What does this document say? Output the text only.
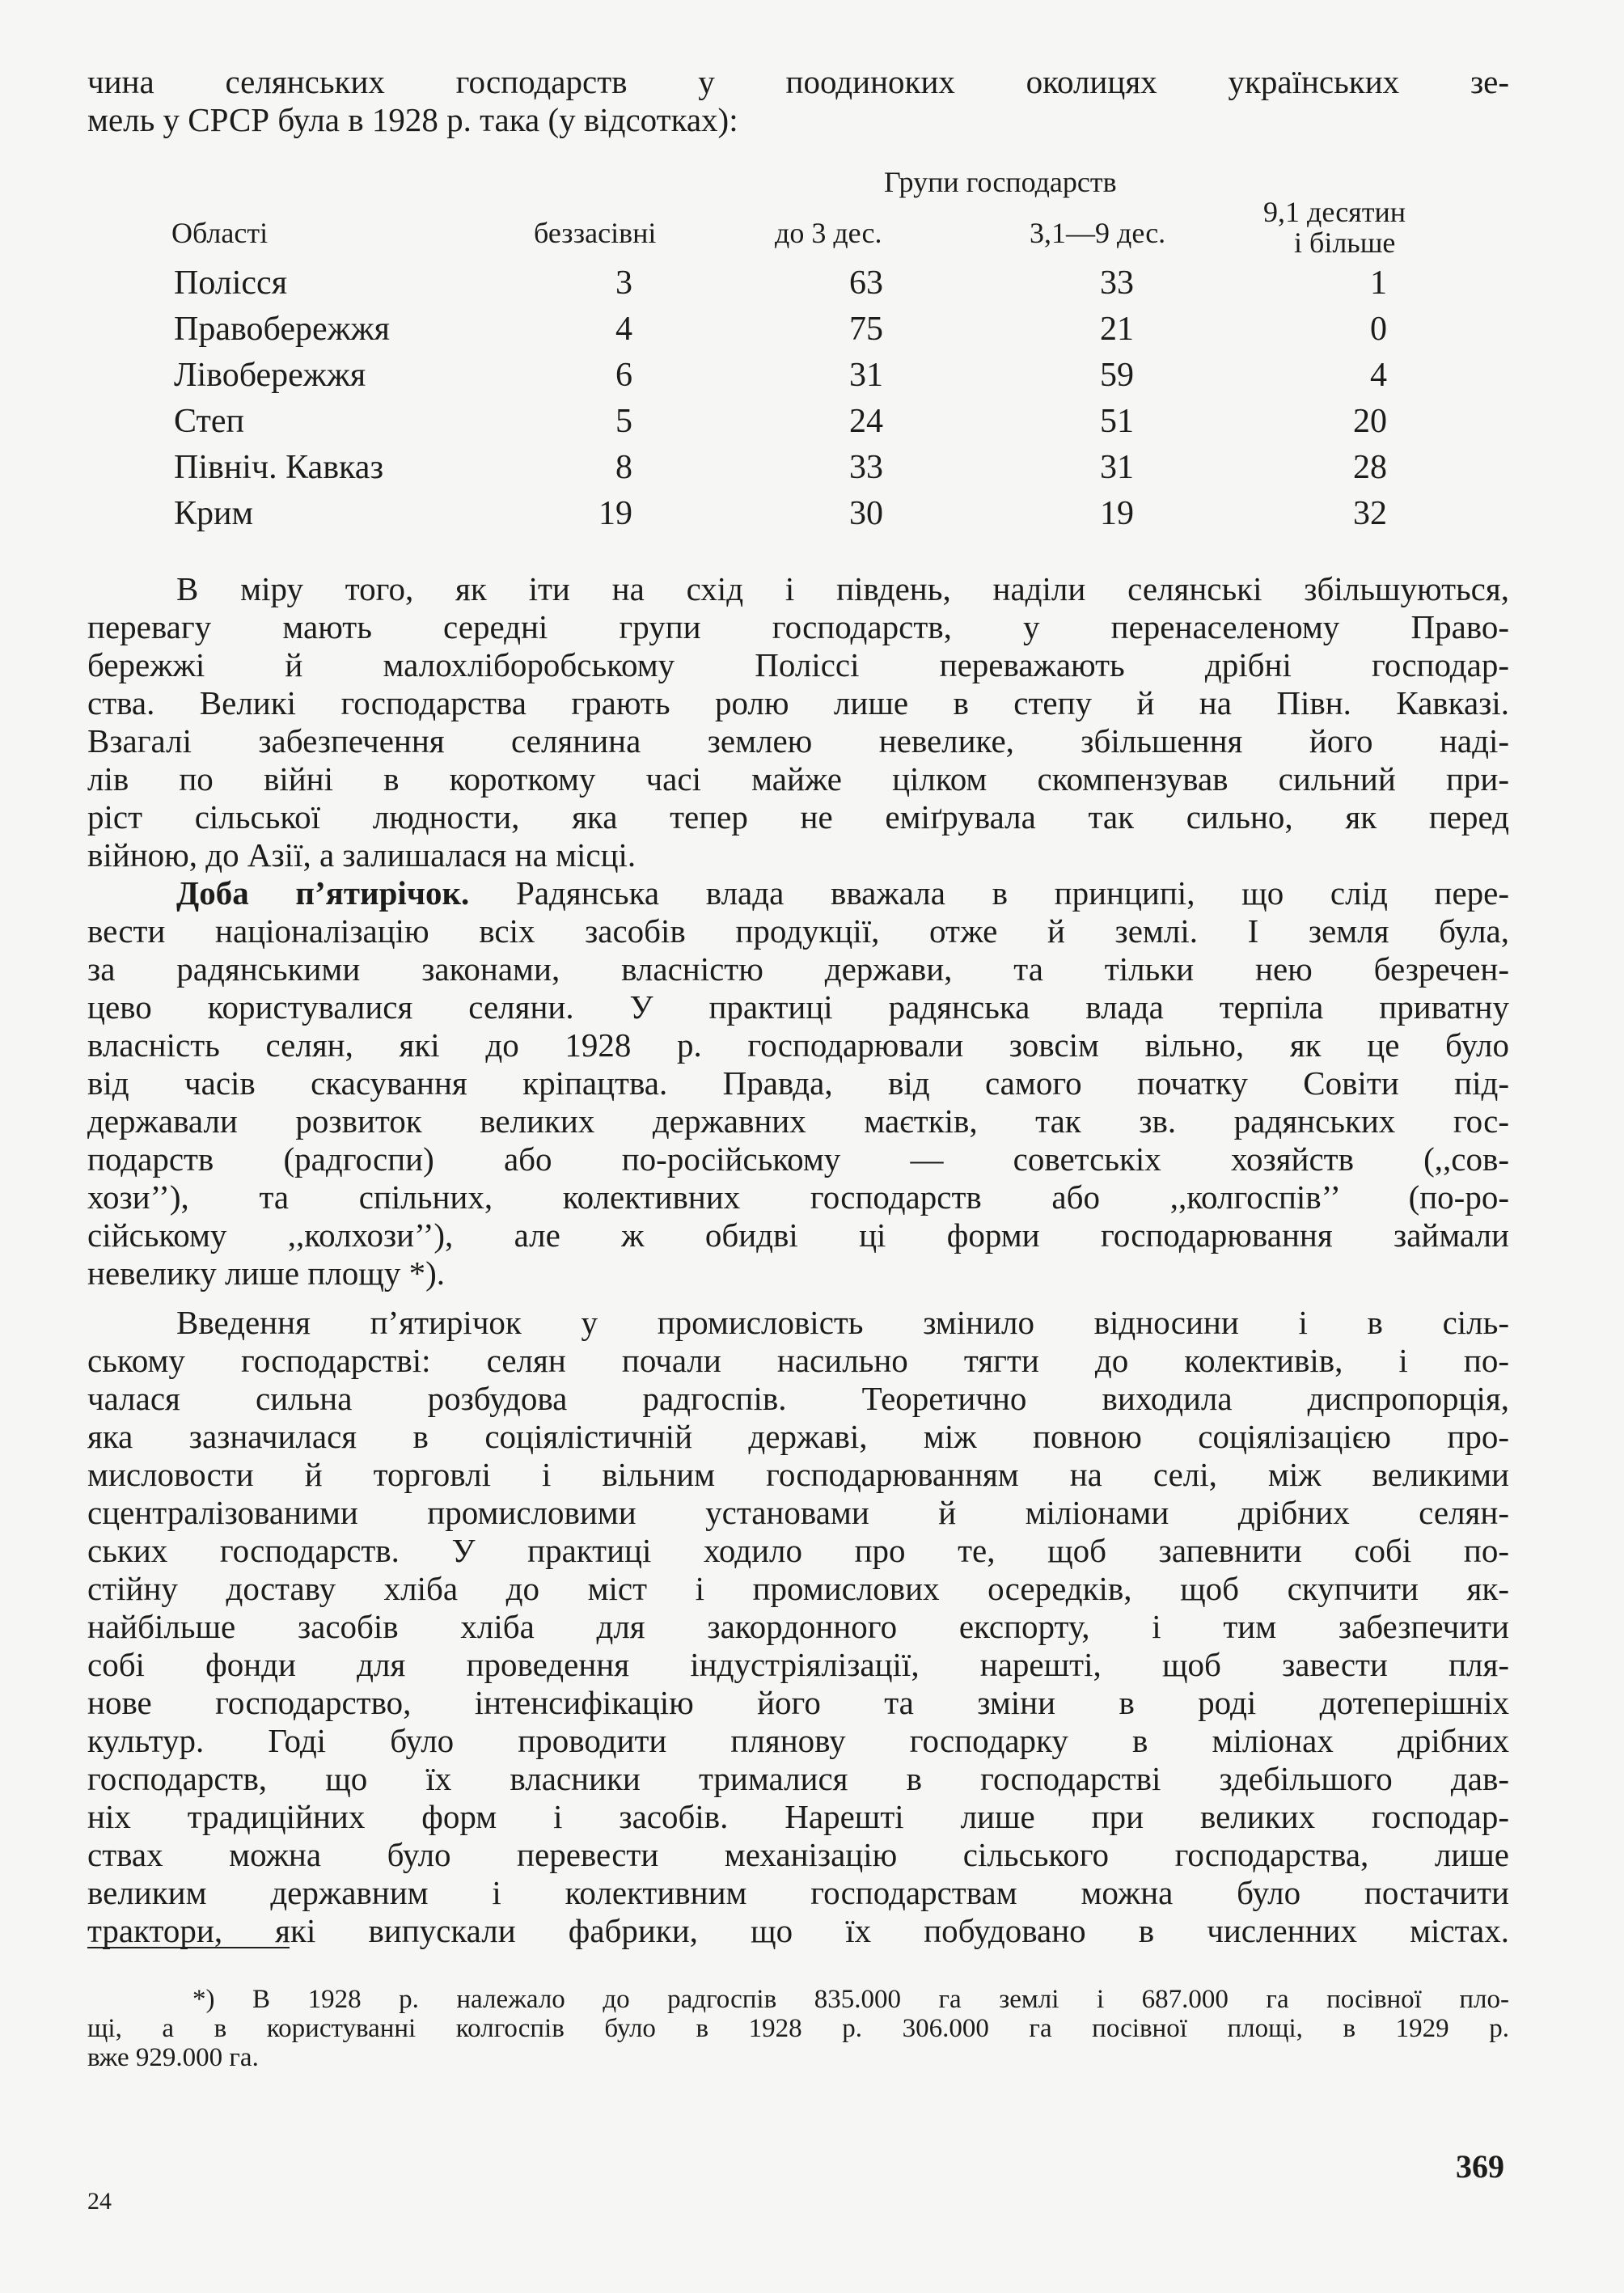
чина селянських господарств у поодиноких околицях українських зе-
мель у СРСР була в 1928 р. така (у відсотках):
Групи господарств
Області	беззасівні	до 3 дес.	3,1—9 дес.
9,1 десятин
і більше
Полісся	3	63	33	1
Правобережжя	4	75	21	0
Лівобережжя	6	31	59	4
Степ	5	24	51	20
Північ. Кавказ	8	33	31	28
Крим	19	30	19	32
В міру того, як іти на схід і південь, наділи селянські збільшуються,
перевагу мають середні групи господарств, у перенаселеному Право-
бережжі й малохліборобському Поліссі переважають дрібні господар-
ства. Великі господарства грають ролю лише в степу й на Півн. Кавказі.
Взагалі забезпечення селянина землею невелике, збільшення його наді-
лів по війні в короткому часі майже цілком скомпензував сильний при-
ріст сільської людности, яка тепер не еміґрувала так сильно, як перед
війною, до Азії, а залишалася на місці.
Доба п’ятирічок. Радянська влада вважала в принципі, що слід пере-
вести націоналізацію всіх засобів продукції, отже й землі. І земля була,
за радянськими законами, власністю держави, та тільки нею безречен-
цево користувалися селяни. У практиці радянська влада терпіла приватну
власність селян, які до 1928 р. господарювали зовсім вільно, як це було
від часів скасування кріпацтва. Правда, від самого початку Совіти під-
державали розвиток великих державних маєтків, так зв. радянських гос-
подарств (радгоспи) або по-російському — советськіх хозяйств (,,сов-
хози’’), та спільних, колективних господарств або ,,колгоспів’’ (по-ро-
сійському ,,колхози’’), але ж обидві ці форми господарювання займали
невелику лише площу *).
Введення п’ятирічок у промисловість змінило відносини і в сіль-
ському господарстві: селян почали насильно тягти до колективів, і по-
чалася сильна розбудова радгоспів. Теоретично виходила диспропорція,
яка зазначилася в соціялістичній державі, між повною соціялізацією про-
мисловости й торговлі і вільним господарюванням на селі, між великими
сцентралізованими промисловими установами й міліонами дрібних селян-
ських господарств. У практиці ходило про те, щоб запевнити собі по-
стійну доставу хліба до міст і промислових осередків, щоб скупчити як-
найбільше засобів хліба для закордонного експорту, і тим забезпечити
собі фонди для проведення індустріялізації, нарешті, щоб завести пля-
нове господарство, інтенсифікацію його та зміни в роді дотеперішніх
культур. Годі було проводити плянову господарку в міліонах дрібних
господарств, що їх власники трималися в господарстві здебільшого дав-
ніх традиційних форм і засобів. Нарешті лише при великих господар-
ствах можна було перевести механізацію сільського господарства, лише
великим державним і колективним господарствам можна було постачити
трактори, які випускали фабрики, що їх побудовано в численних містах.
*) В 1928 р. належало до радгоспів 835.000 га землі і 687.000 га посівної пло-
щі, а в користуванні колгоспів було в 1928 р. 306.000 га посівної площі, в 1929 р.
вже 929.000 га.
369
24
